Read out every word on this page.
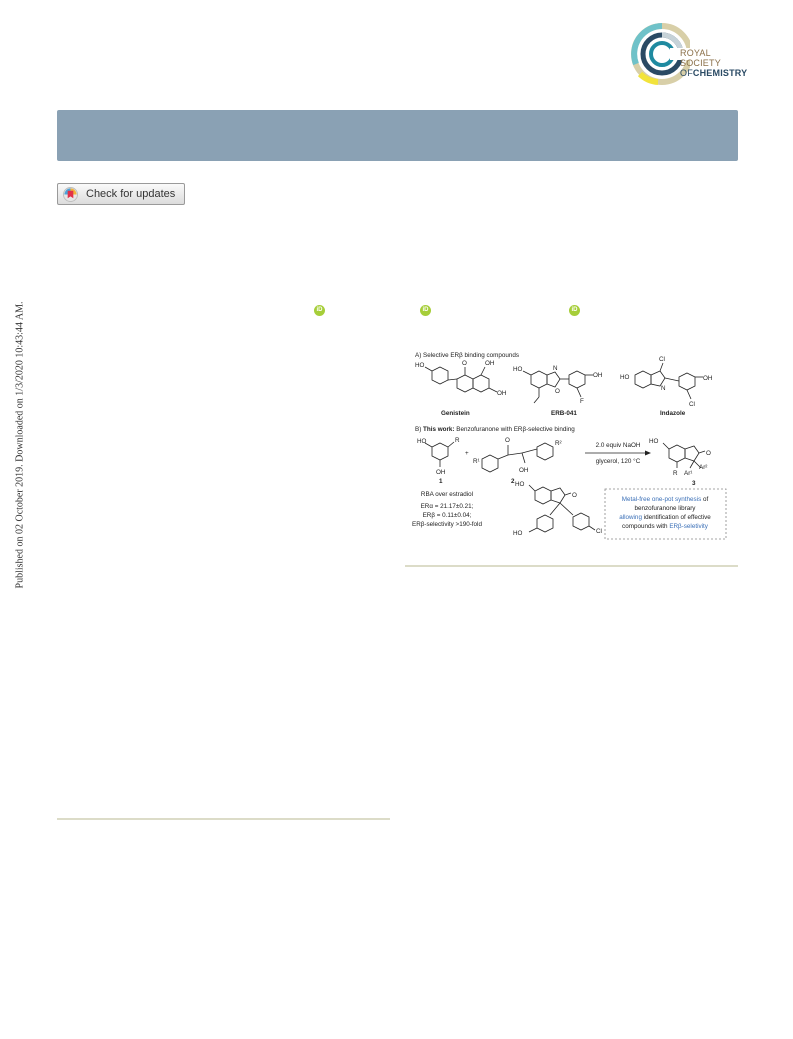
ROYAL SOCIETY
OFCHEMISTRY
Check for updates
Published on 02 October 2019. Downloaded on 1/3/2020 10:43:44 AM.	iD	iD	iD
A) Selective ERβ binding compounds
HO	O	OH
OH
Genistein
HO	N
O
OH
F
ERB-041
HO
Cl
N
OH
Cl
Indazole
B) This work: Benzofuranone with ERβ-selective binding
HO	R
OH
1
+
R¹
O	R²
OH
2
2.0 equiv NaOH
glycerol, 120 °C
HO
O
R Ar¹
Ar²
3
RBA over estradiol
ERα = 21.17±0.21;
ERβ = 0.11±0.04;
ERβ-selectivity >190-fold
HO
O
HO	Cl
Metal-free one-pot synthesis of
benzofuranone library
allowing identification of effective
compounds with ERβ-seletivity
